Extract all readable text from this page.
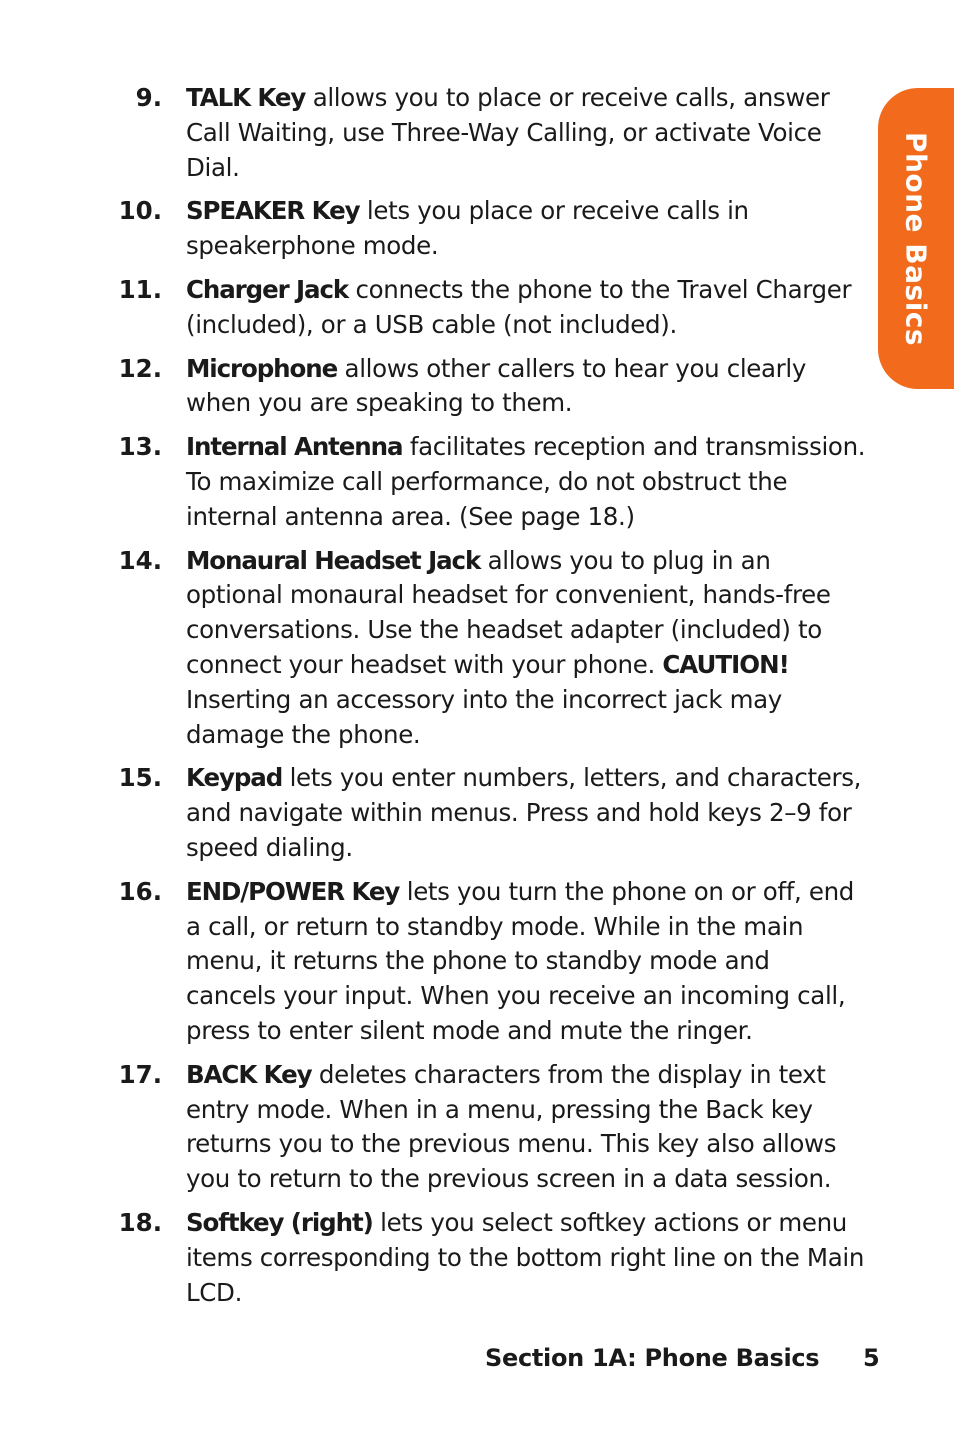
Phone Basics
9. TALK Key allows you to place or receive calls, answer Call Waiting, use Three-Way Calling, or activate Voice Dial.
10. SPEAKER Key lets you place or receive calls in speakerphone mode.
11. Charger Jack connects the phone to the Travel Charger (included), or a USB cable (not included).
12. Microphone allows other callers to hear you clearly when you are speaking to them.
13. Internal Antenna facilitates reception and transmission. To maximize call performance, do not obstruct the internal antenna area. (See page 18.)
14. Monaural Headset Jack allows you to plug in an optional monaural headset for convenient, hands-free conversations. Use the headset adapter (included) to connect your headset with your phone. CAUTION! Inserting an accessory into the incorrect jack may damage the phone.
15. Keypad lets you enter numbers, letters, and characters, and navigate within menus. Press and hold keys 2–9 for speed dialing.
16. END/POWER Key lets you turn the phone on or off, end a call, or return to standby mode. While in the main menu, it returns the phone to standby mode and cancels your input. When you receive an incoming call, press to enter silent mode and mute the ringer.
17. BACK Key deletes characters from the display in text entry mode. When in a menu, pressing the Back key returns you to the previous menu. This key also allows you to return to the previous screen in a data session.
18. Softkey (right) lets you select softkey actions or menu items corresponding to the bottom right line on the Main LCD.
Section 1A: Phone Basics 5
